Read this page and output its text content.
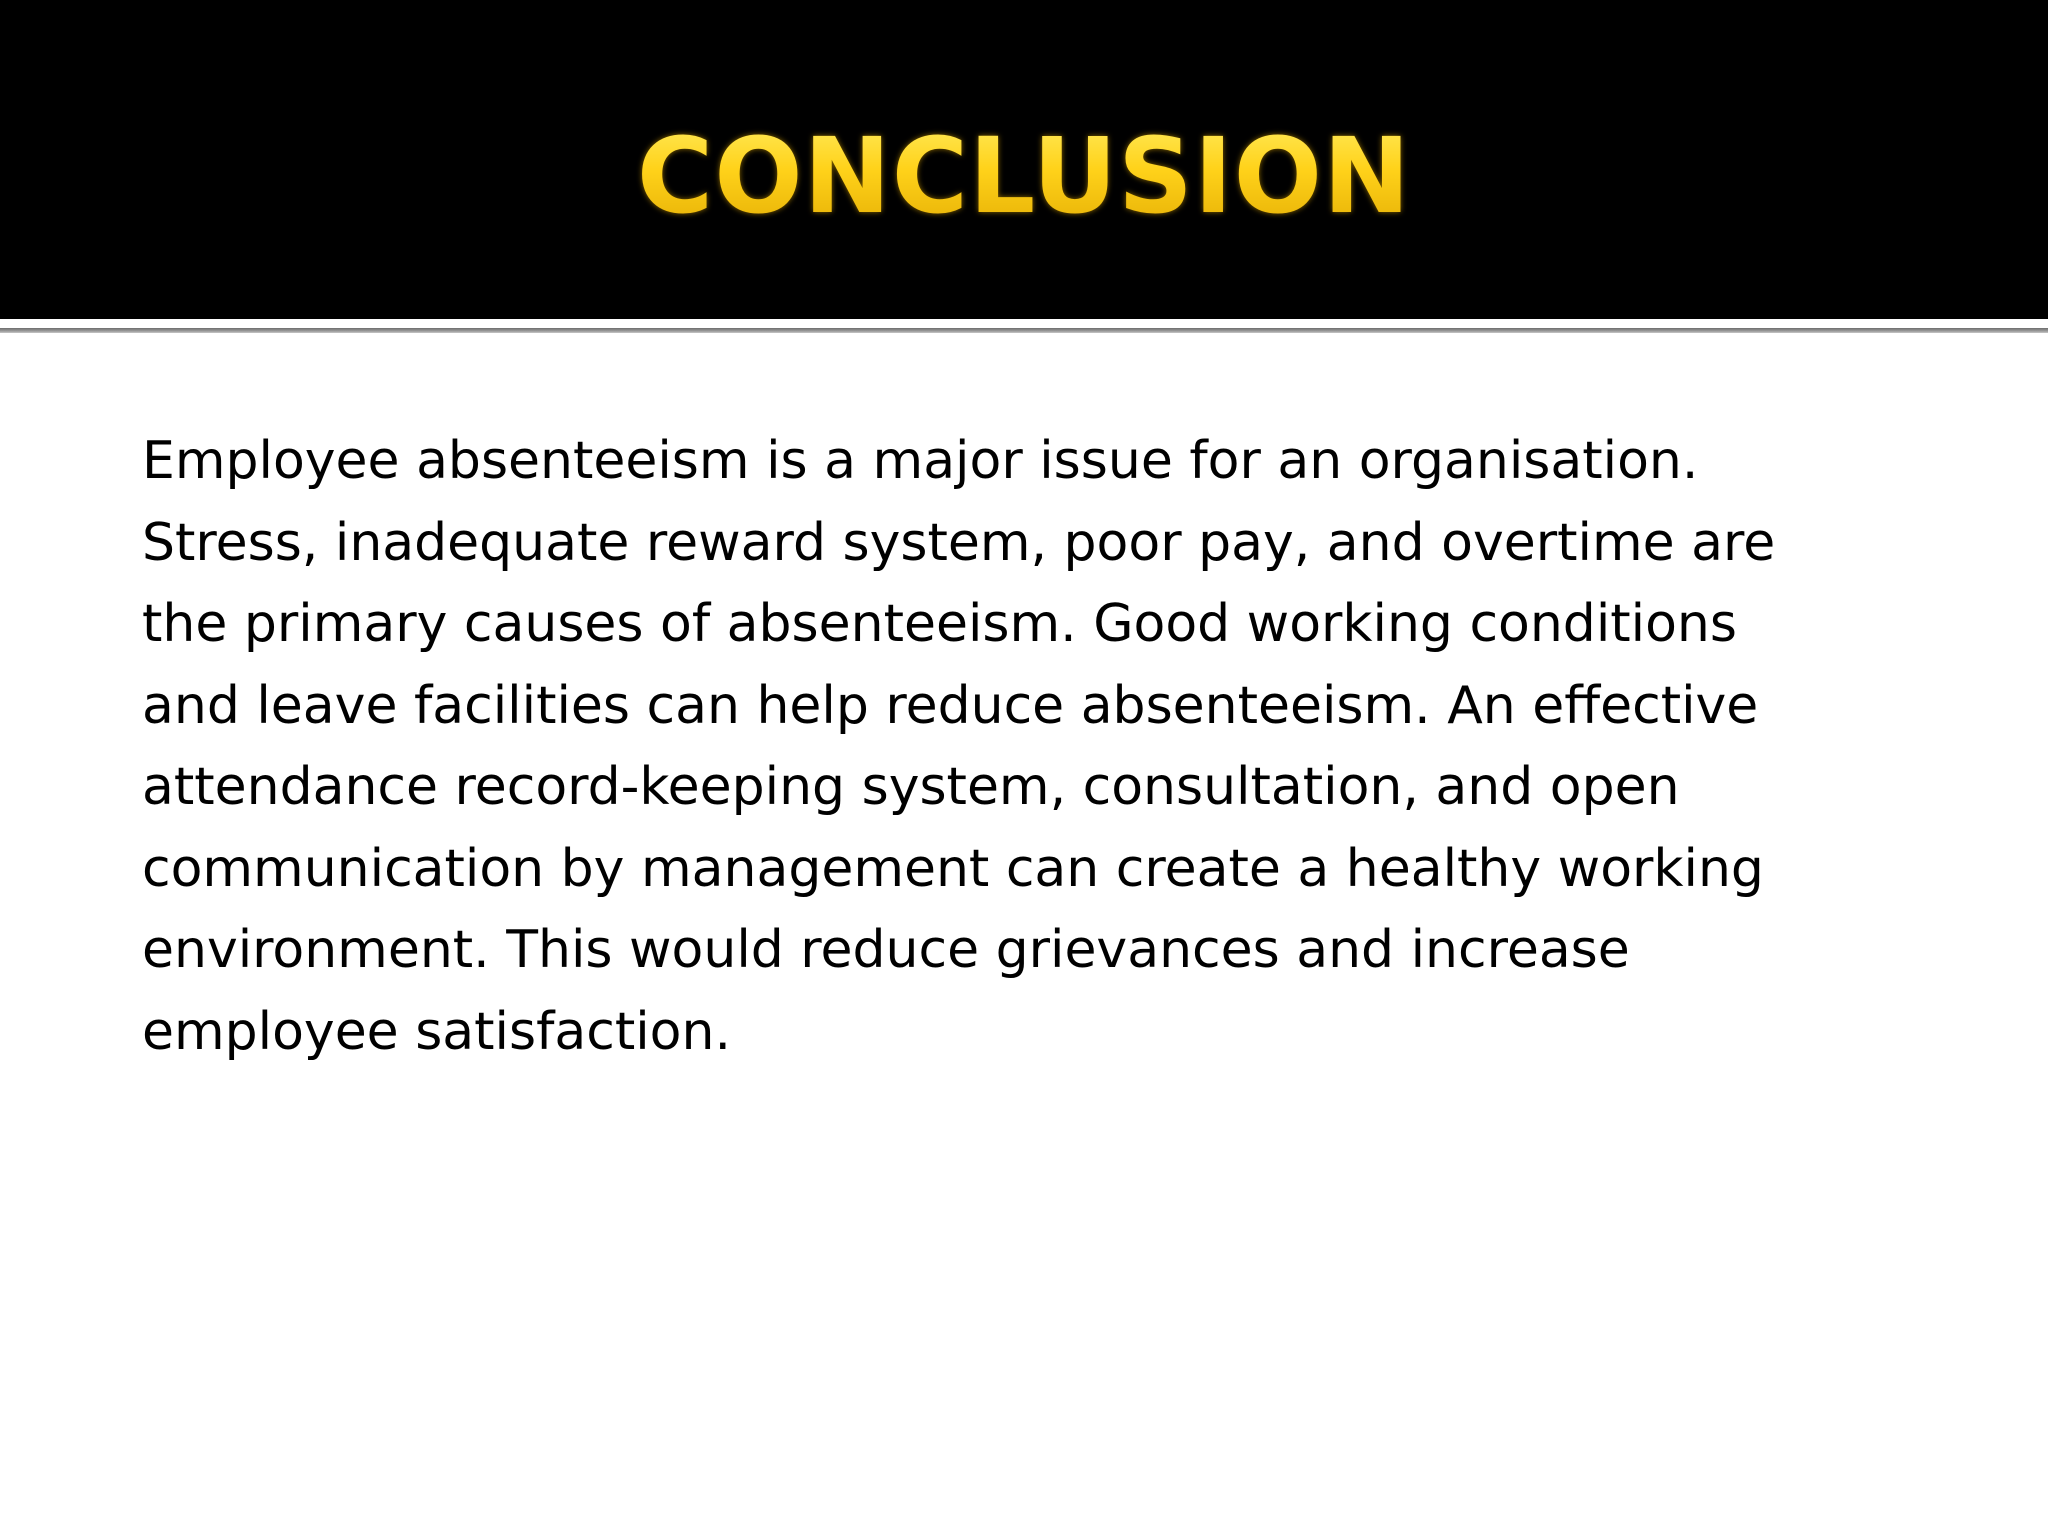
CONCLUSION
Employee absenteeism is a major issue for an organisation.
Stress, inadequate reward system, poor pay, and overtime are
the primary causes of absenteeism. Good working conditions
and leave facilities can help reduce absenteeism. An effective
attendance record-keeping system, consultation, and open
communication by management can create a healthy working
environment. This would reduce grievances and increase
employee satisfaction.
